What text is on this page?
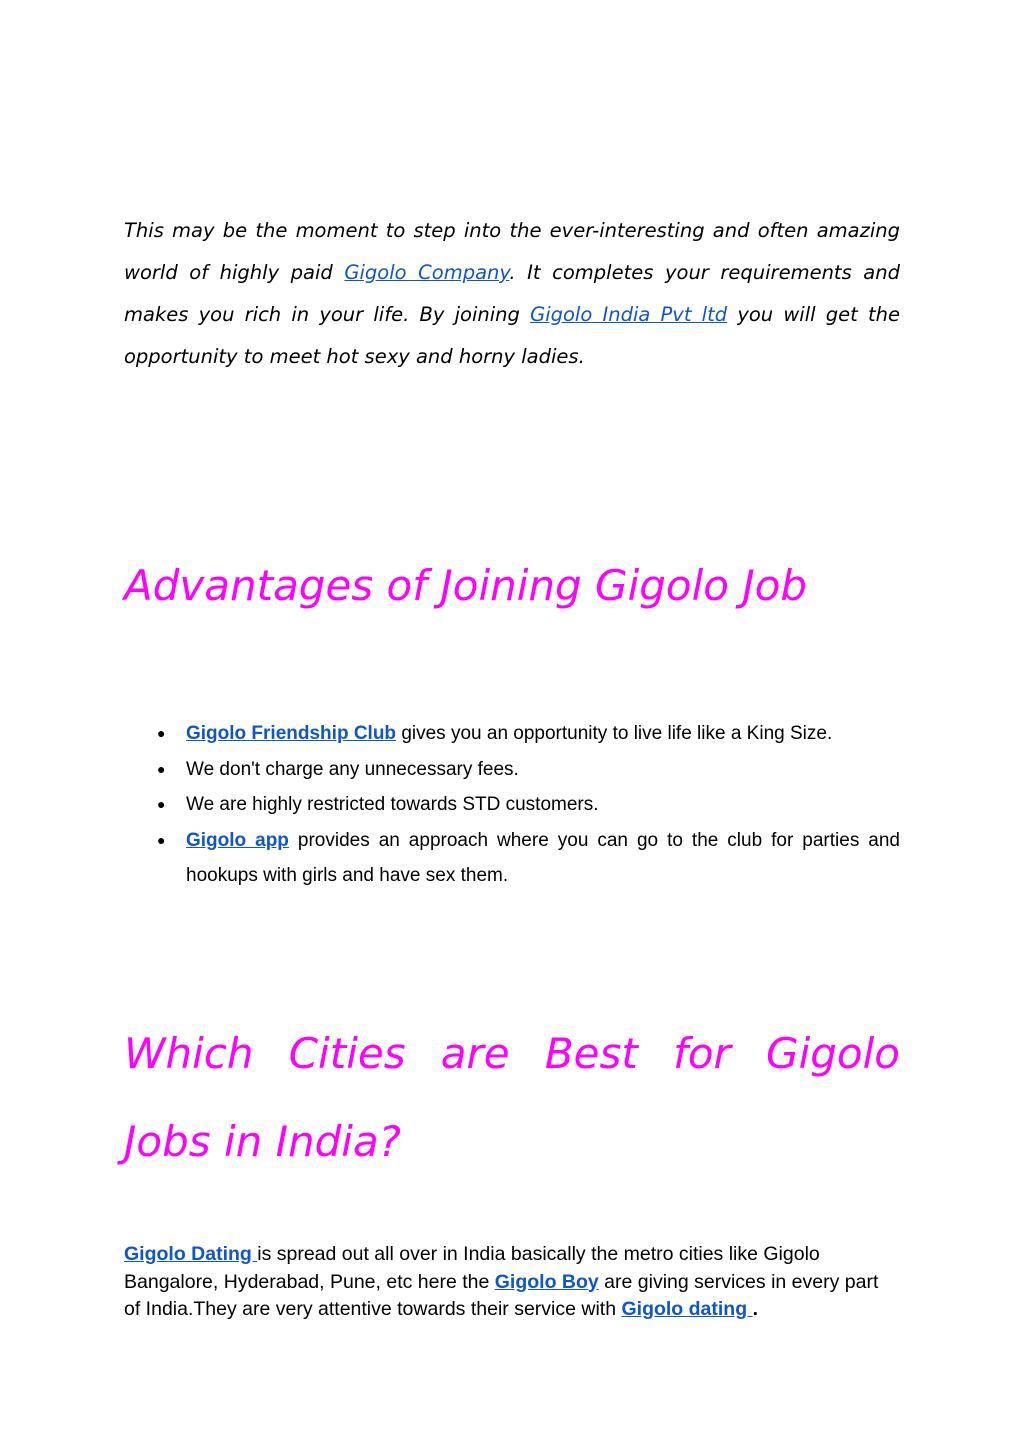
This may be the moment to step into the ever-interesting and often amazing world of highly paid Gigolo Company. It completes your requirements and makes you rich in your life. By joining Gigolo India Pvt ltd you will get the opportunity to meet hot sexy and horny ladies.

Advantages of Joining Gigolo Job
● Gigolo Friendship Club gives you an opportunity to live life like a King Size.
● We don't charge any unnecessary fees.
● We are highly restricted towards STD customers.
● Gigolo app provides an approach where you can go to the club for parties and hookups with girls and have sex them.
Which Cities are Best for Gigolo
Jobs in India?

Gigolo Dating is spread out all over in India basically the metro cities like Gigolo Bangalore, Hyderabad, Pune, etc here the Gigolo Boy are giving services in every part of India.They are very attentive towards their service with Gigolo dating .
